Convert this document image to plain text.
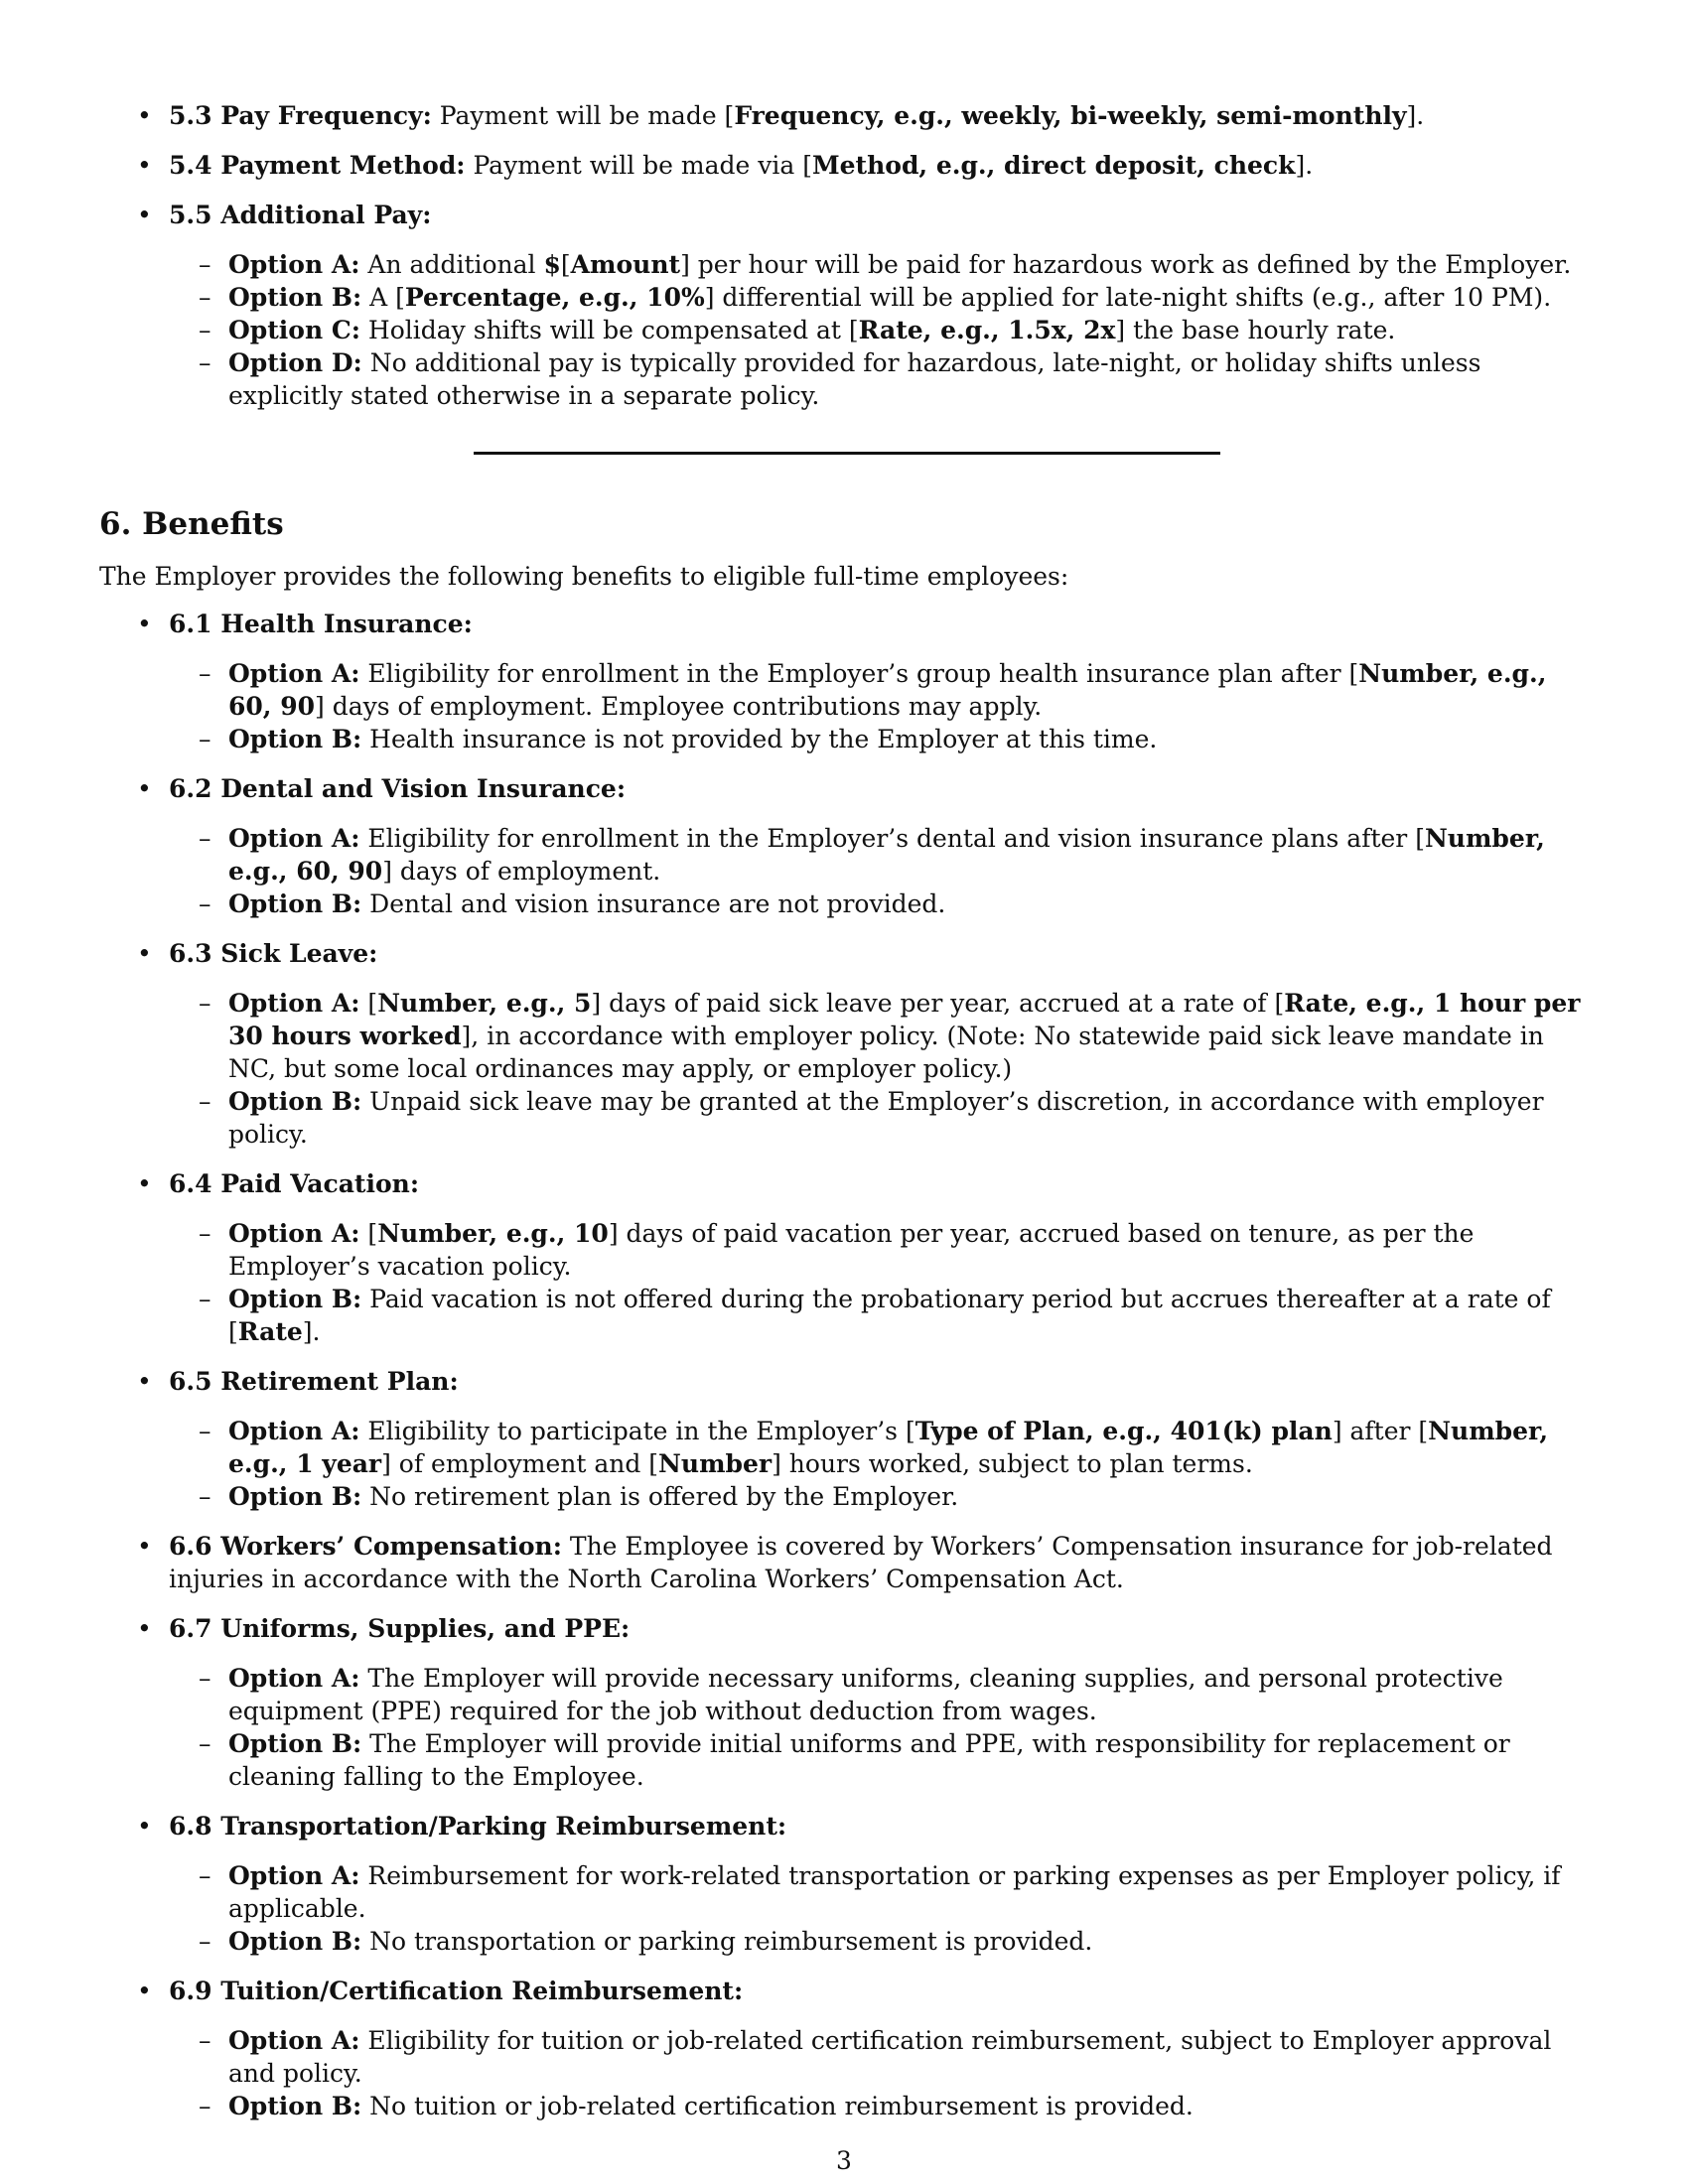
• 5.3 Pay Frequency: Payment will be made [Frequency, e.g., weekly, bi-weekly, semi-monthly].
• 5.4 Payment Method: Payment will be made via [Method, e.g., direct deposit, check].
• 5.5 Additional Pay:
– Option A: An additional $[Amount] per hour will be paid for hazardous work as defined by the Employer.
– Option B: A [Percentage, e.g., 10%] differential will be applied for late-night shifts (e.g., after 10 PM).
– Option C: Holiday shifts will be compensated at [Rate, e.g., 1.5x, 2x] the base hourly rate.
– Option D: No additional pay is typically provided for hazardous, late-night, or holiday shifts unless explicitly stated otherwise in a separate policy.
6. Benefits

The Employer provides the following benefits to eligible full-time employees:

• 6.1 Health Insurance:
– Option A: Eligibility for enrollment in the Employer’s group health insurance plan after [Number, e.g., 60, 90] days of employment. Employee contributions may apply.
– Option B: Health insurance is not provided by the Employer at this time.
• 6.2 Dental and Vision Insurance:
– Option A: Eligibility for enrollment in the Employer’s dental and vision insurance plans after [Number, e.g., 60, 90] days of employment.
– Option B: Dental and vision insurance are not provided.
• 6.3 Sick Leave:
– Option A: [Number, e.g., 5] days of paid sick leave per year, accrued at a rate of [Rate, e.g., 1 hour per 30 hours worked], in accordance with employer policy. (Note: No statewide paid sick leave mandate in NC, but some local ordinances may apply, or employer policy.)
– Option B: Unpaid sick leave may be granted at the Employer’s discretion, in accordance with employer policy.
• 6.4 Paid Vacation:
– Option A: [Number, e.g., 10] days of paid vacation per year, accrued based on tenure, as per the Employer’s vacation policy.
– Option B: Paid vacation is not offered during the probationary period but accrues thereafter at a rate of [Rate].
• 6.5 Retirement Plan:
– Option A: Eligibility to participate in the Employer’s [Type of Plan, e.g., 401(k) plan] after [Number, e.g., 1 year] of employment and [Number] hours worked, subject to plan terms.
– Option B: No retirement plan is offered by the Employer.
• 6.6 Workers’ Compensation: The Employee is covered by Workers’ Compensation insurance for job-related injuries in accordance with the North Carolina Workers’ Compensation Act.
• 6.7 Uniforms, Supplies, and PPE:
– Option A: The Employer will provide necessary uniforms, cleaning supplies, and personal protective equipment (PPE) required for the job without deduction from wages.
– Option B: The Employer will provide initial uniforms and PPE, with responsibility for replacement or cleaning falling to the Employee.
• 6.8 Transportation/Parking Reimbursement:
– Option A: Reimbursement for work-related transportation or parking expenses as per Employer policy, if applicable.
– Option B: No transportation or parking reimbursement is provided.
• 6.9 Tuition/Certification Reimbursement:
– Option A: Eligibility for tuition or job-related certification reimbursement, subject to Employer approval and policy.
– Option B: No tuition or job-related certification reimbursement is provided.
3
